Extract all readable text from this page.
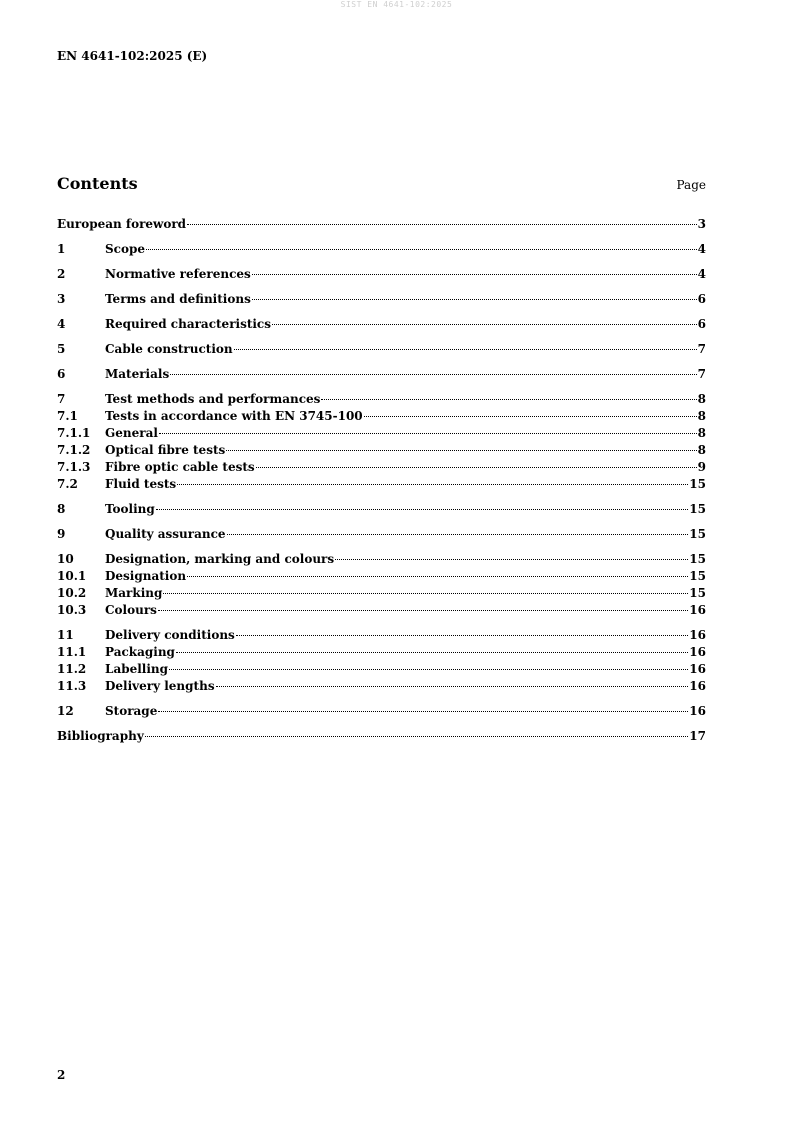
SIST EN 4641-102:2025
EN 4641-102:2025 (E)
Contents	Page
European foreword	3
1	Scope	4
2	Normative references	4
3	Terms and definitions	6
4	Required characteristics	6
5	Cable construction	7
6	Materials	7
7	Test methods and performances	8
7.1	Tests in accordance with EN 3745-100	8
7.1.1	General	8
7.1.2	Optical fibre tests	8
7.1.3	Fibre optic cable tests	9
7.2	Fluid tests	15
8	Tooling	15
9	Quality assurance	15
10	Designation, marking and colours	15
10.1	Designation	15
10.2	Marking	15
10.3	Colours	16
11	Delivery conditions	16
11.1	Packaging	16
11.2	Labelling	16
11.3	Delivery lengths	16
12	Storage	16
Bibliography	17
2
